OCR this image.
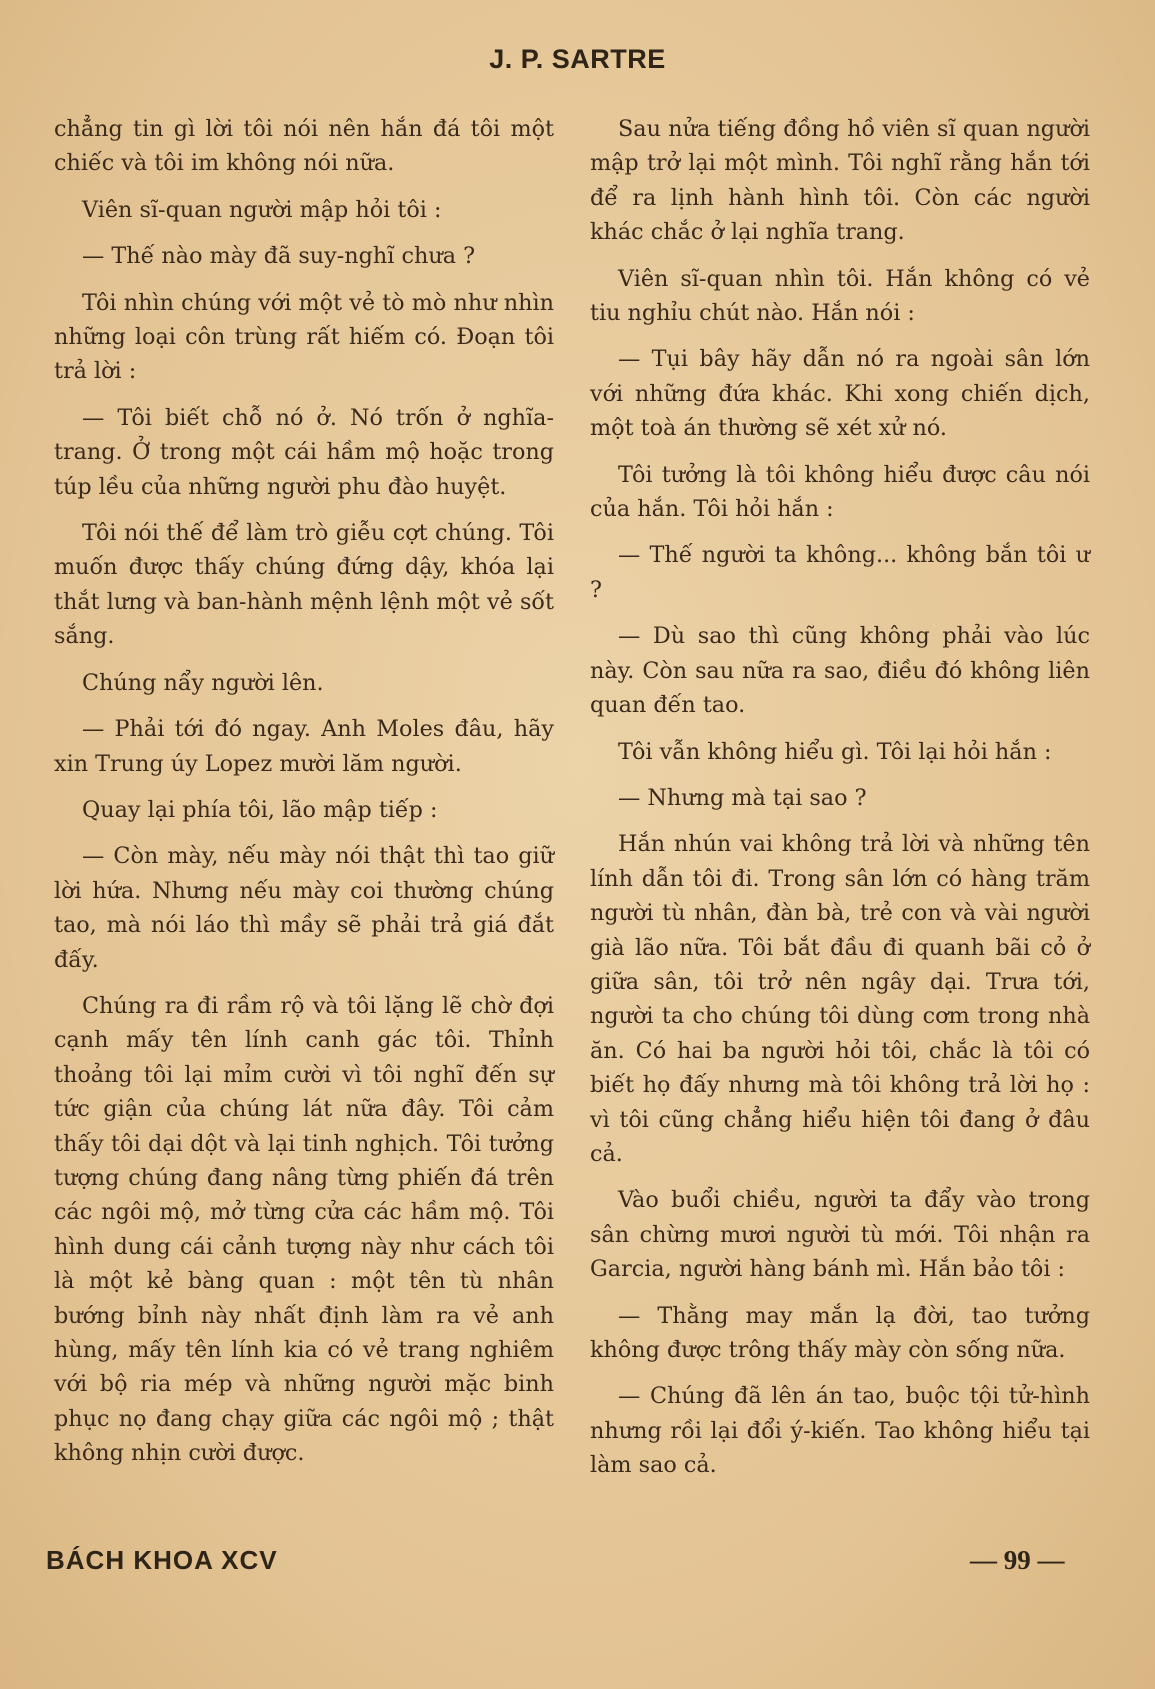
J. P. SARTRE

chẳng tin gì lời tôi nói nên hắn đá tôi một chiếc và tôi im không nói nữa.

Viên sĩ-quan người mập hỏi tôi :

— Thế nào mày đã suy-nghĩ chưa ?

Tôi nhìn chúng với một vẻ tò mò như nhìn những loại côn trùng rất hiếm có. Đoạn tôi trả lời :

— Tôi biết chỗ nó ở. Nó trốn ở nghĩa-trang. Ở trong một cái hầm mộ hoặc trong túp lều của những người phu đào huyệt.

Tôi nói thế để làm trò giễu cợt chúng. Tôi muốn được thấy chúng đứng dậy, khóa lại thắt lưng và ban-hành mệnh lệnh một vẻ sốt sắng.

Chúng nẩy người lên.

— Phải tới đó ngay. Anh Moles đâu, hãy xin Trung úy Lopez mười lăm người.

Quay lại phía tôi, lão mập tiếp :

— Còn mày, nếu mày nói thật thì tao giữ lời hứa. Nhưng nếu mày coi thường chúng tao, mà nói láo thì mầy sẽ phải trả giá đắt đấy.

Chúng ra đi rầm rộ và tôi lặng lẽ chờ đợi cạnh mấy tên lính canh gác tôi. Thỉnh thoảng tôi lại mỉm cười vì tôi nghĩ đến sự tức giận của chúng lát nữa đây. Tôi cảm thấy tôi dại dột và lại tinh nghịch. Tôi tưởng tượng chúng đang nâng từng phiến đá trên các ngôi mộ, mở từng cửa các hầm mộ. Tôi hình dung cái cảnh tượng này như cách tôi là một kẻ bàng quan : một tên tù nhân bướng bỉnh này nhất định làm ra vẻ anh hùng, mấy tên lính kia có vẻ trang nghiêm với bộ ria mép và những người mặc binh phục nọ đang chạy giữa các ngôi mộ ; thật không nhịn cười được.

Sau nửa tiếng đồng hồ viên sĩ quan người mập trở lại một mình. Tôi nghĩ rằng hắn tới để ra lịnh hành hình tôi. Còn các người khác chắc ở lại nghĩa trang.

Viên sĩ-quan nhìn tôi. Hắn không có vẻ tiu nghỉu chút nào. Hắn nói :

— Tụi bây hãy dẫn nó ra ngoài sân lớn với những đứa khác. Khi xong chiến dịch, một toà án thường sẽ xét xử nó.

Tôi tưởng là tôi không hiểu được câu nói của hắn. Tôi hỏi hắn :

— Thế người ta không... không bắn tôi ư ?

— Dù sao thì cũng không phải vào lúc này. Còn sau nữa ra sao, điều đó không liên quan đến tao.

Tôi vẫn không hiểu gì. Tôi lại hỏi hắn :

— Nhưng mà tại sao ?

Hắn nhún vai không trả lời và những tên lính dẫn tôi đi. Trong sân lớn có hàng trăm người tù nhân, đàn bà, trẻ con và vài người già lão nữa. Tôi bắt đầu đi quanh bãi cỏ ở giữa sân, tôi trở nên ngây dại. Trưa tới, người ta cho chúng tôi dùng cơm trong nhà ăn. Có hai ba người hỏi tôi, chắc là tôi có biết họ đấy nhưng mà tôi không trả lời họ : vì tôi cũng chẳng hiểu hiện tôi đang ở đâu cả.

Vào buổi chiều, người ta đẩy vào trong sân chừng mươi người tù mới. Tôi nhận ra Garcia, người hàng bánh mì. Hắn bảo tôi :

— Thằng may mắn lạ đời, tao tưởng không được trông thấy mày còn sống nữa.

— Chúng đã lên án tao, buộc tội tử-hình nhưng rồi lại đổi ý-kiến. Tao không hiểu tại làm sao cả.

BÁCH KHOA XCV	— 99 —
